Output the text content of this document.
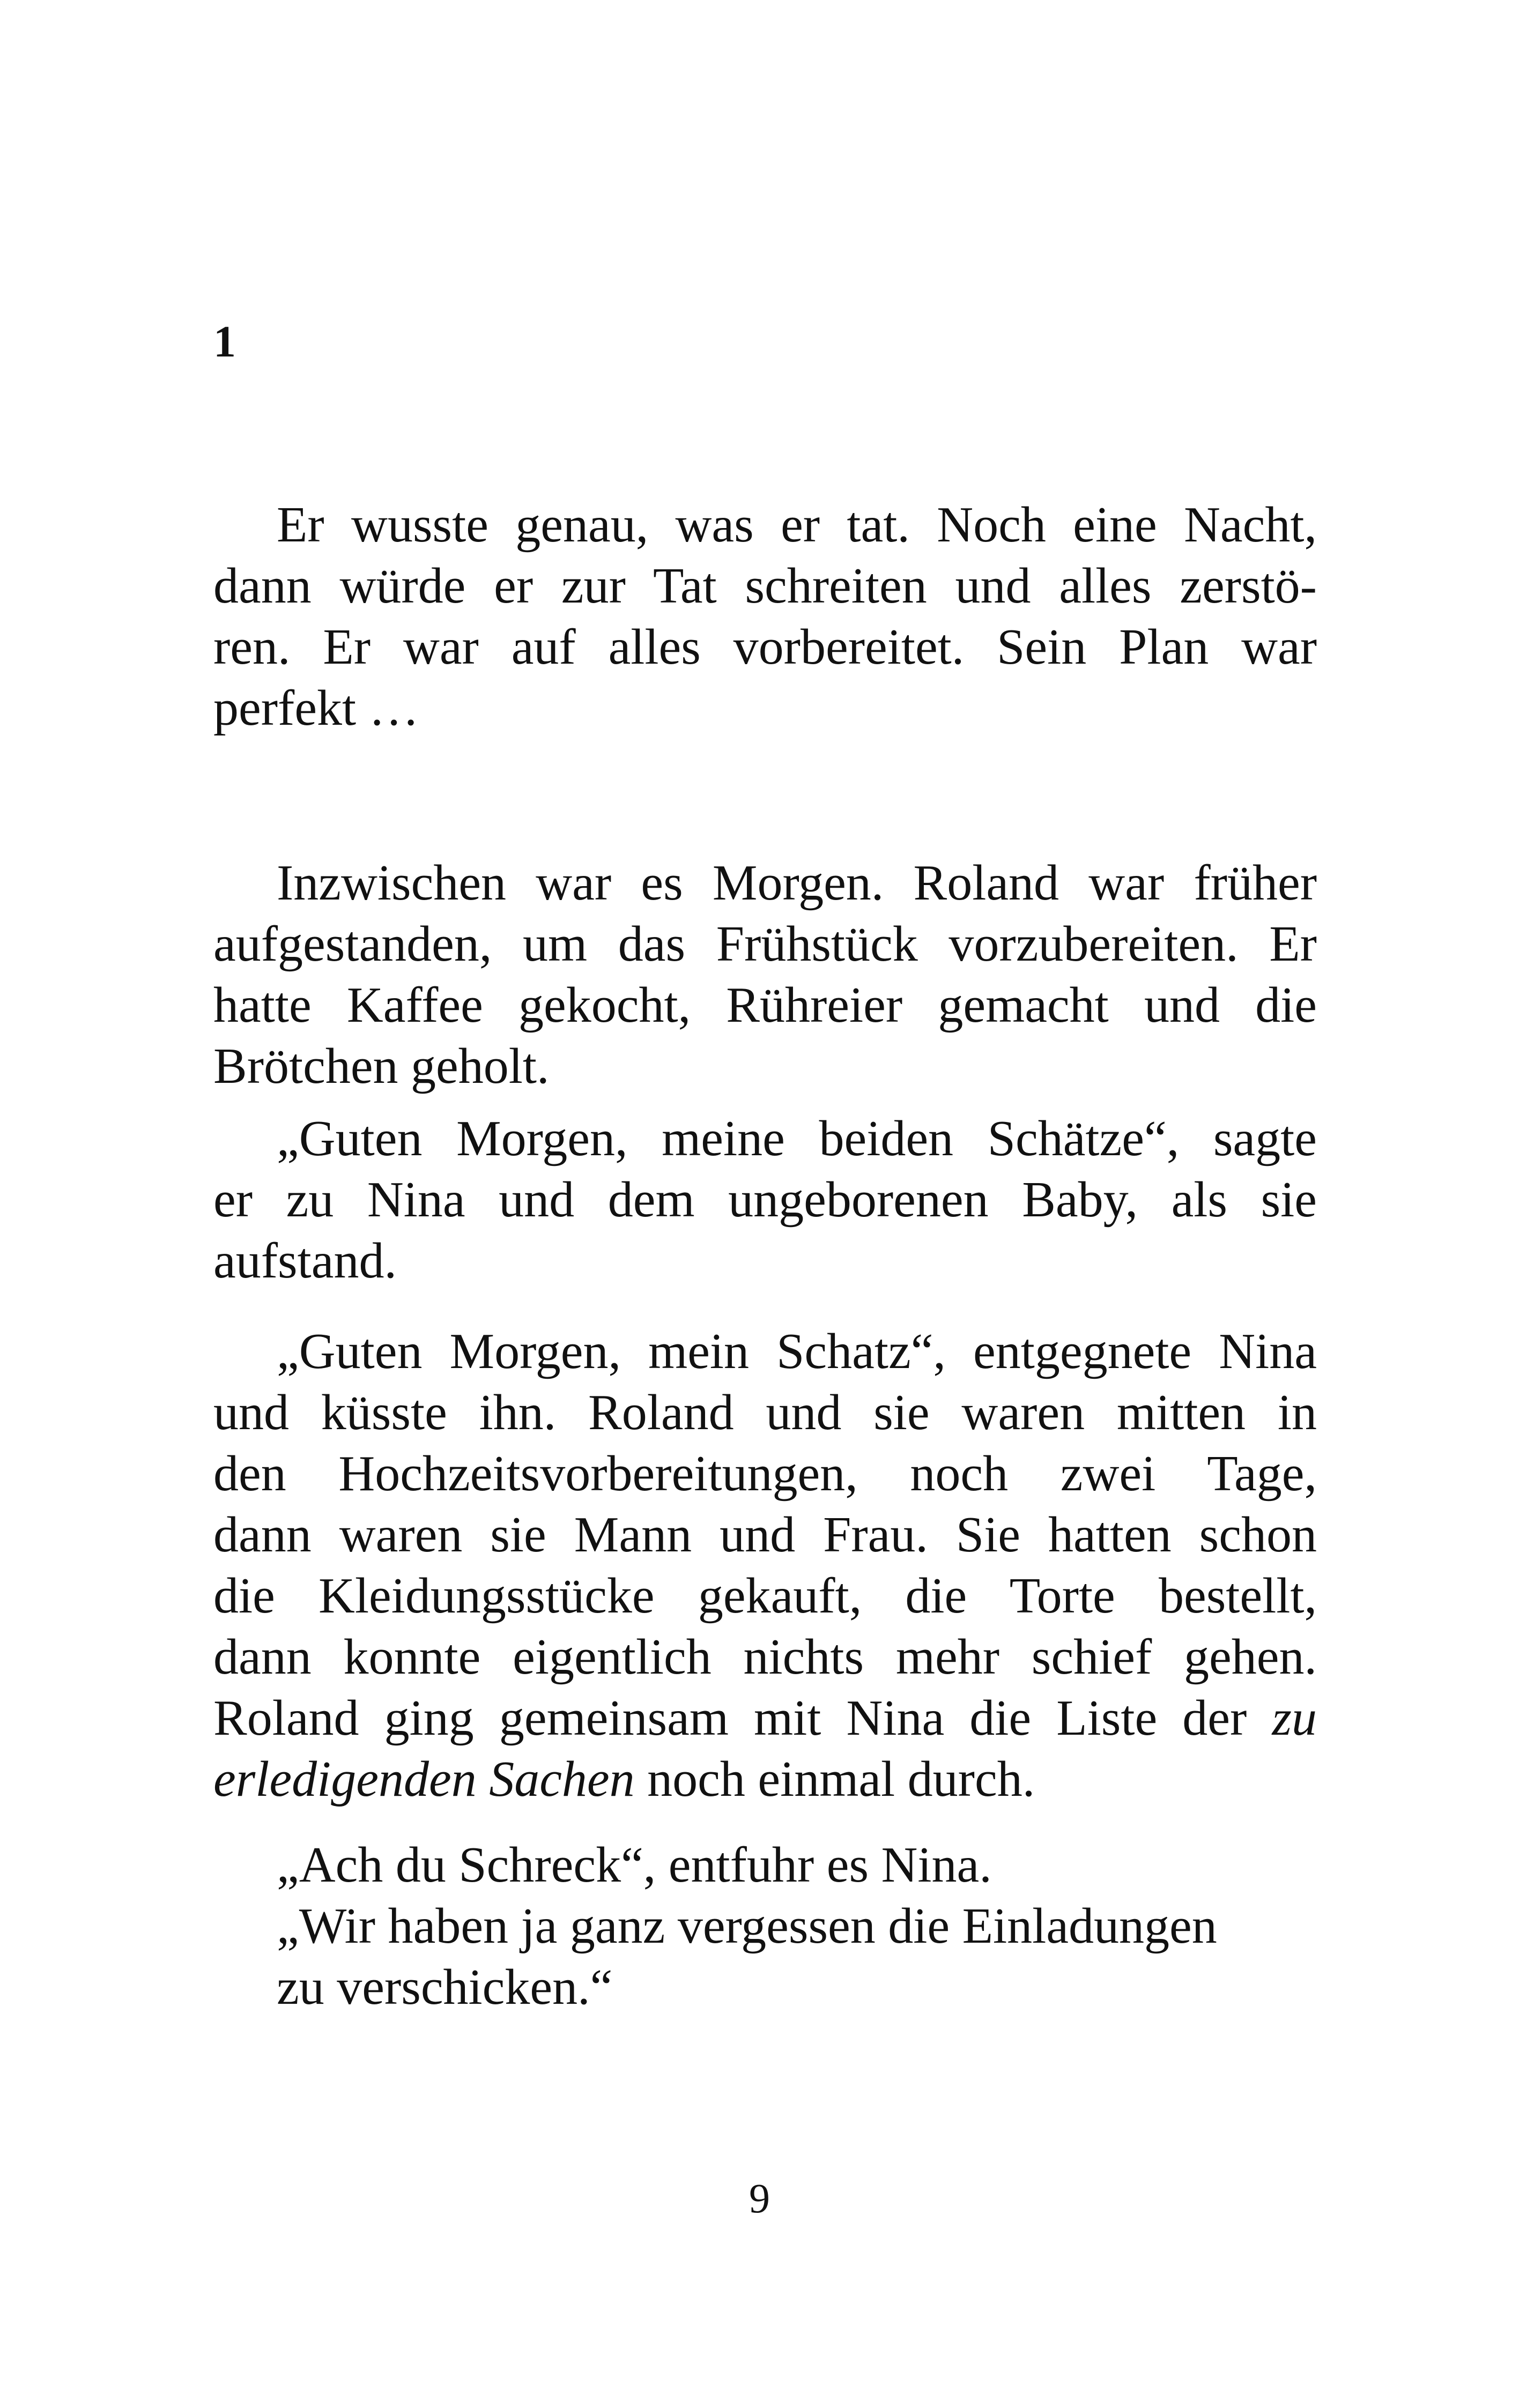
1
Er wusste genau, was er tat. Noch eine Nacht,
dann würde er zur Tat schreiten und alles zerstö-
ren. Er war auf alles vorbereitet. Sein Plan war
perfekt …
Inzwischen war es Morgen. Roland war früher
aufgestanden, um das Frühstück vorzubereiten. Er
hatte Kaffee gekocht, Rühreier gemacht und die
Brötchen geholt.
„Guten Morgen, meine beiden Schätze“, sagte
er zu Nina und dem ungeborenen Baby, als sie
aufstand.
„Guten Morgen, mein Schatz“, entgegnete Nina
und küsste ihn. Roland und sie waren mitten in
den Hochzeitsvorbereitungen, noch zwei Tage,
dann waren sie Mann und Frau. Sie hatten schon
die Kleidungsstücke gekauft, die Torte bestellt,
dann konnte eigentlich nichts mehr schief gehen.
Roland ging gemeinsam mit Nina die Liste der zu
erledigenden Sachen noch einmal durch.
„Ach du Schreck“, entfuhr es Nina.
„Wir haben ja ganz vergessen die Einladungen
zu verschicken.“
9
